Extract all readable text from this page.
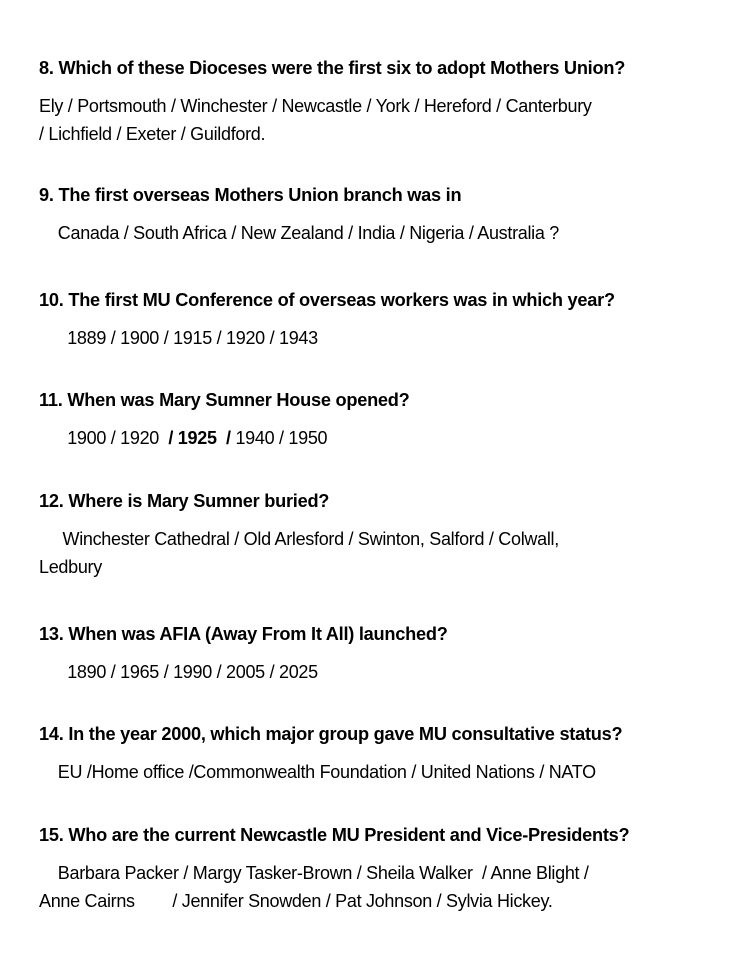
8. Which of these Dioceses were the first six to adopt Mothers Union?
Ely / Portsmouth / Winchester / Newcastle / York / Hereford / Canterbury
/ Lichfield / Exeter / Guildford.
9. The first overseas Mothers Union branch was in
Canada / South Africa / New Zealand / India / Nigeria / Australia ?
10. The first MU Conference of overseas workers was in which year?
1889 / 1900 / 1915 / 1920 / 1943
11. When was Mary Sumner House opened?
1900 / 1920  / 1925  / 1940 / 1950
12. Where is Mary Sumner buried?
Winchester Cathedral / Old Arlesford / Swinton, Salford / Colwall,
Ledbury
13. When was AFIA (Away From It All) launched?
1890 / 1965 / 1990 / 2005 / 2025
14. In the year 2000, which major group gave MU consultative status?
EU /Home office /Commonwealth Foundation / United Nations / NATO
15. Who are the current Newcastle MU President and Vice-Presidents?
Barbara Packer / Margy Tasker-Brown / Sheila Walker  / Anne Blight /
Anne Cairns        / Jennifer Snowden / Pat Johnson / Sylvia Hickey.
